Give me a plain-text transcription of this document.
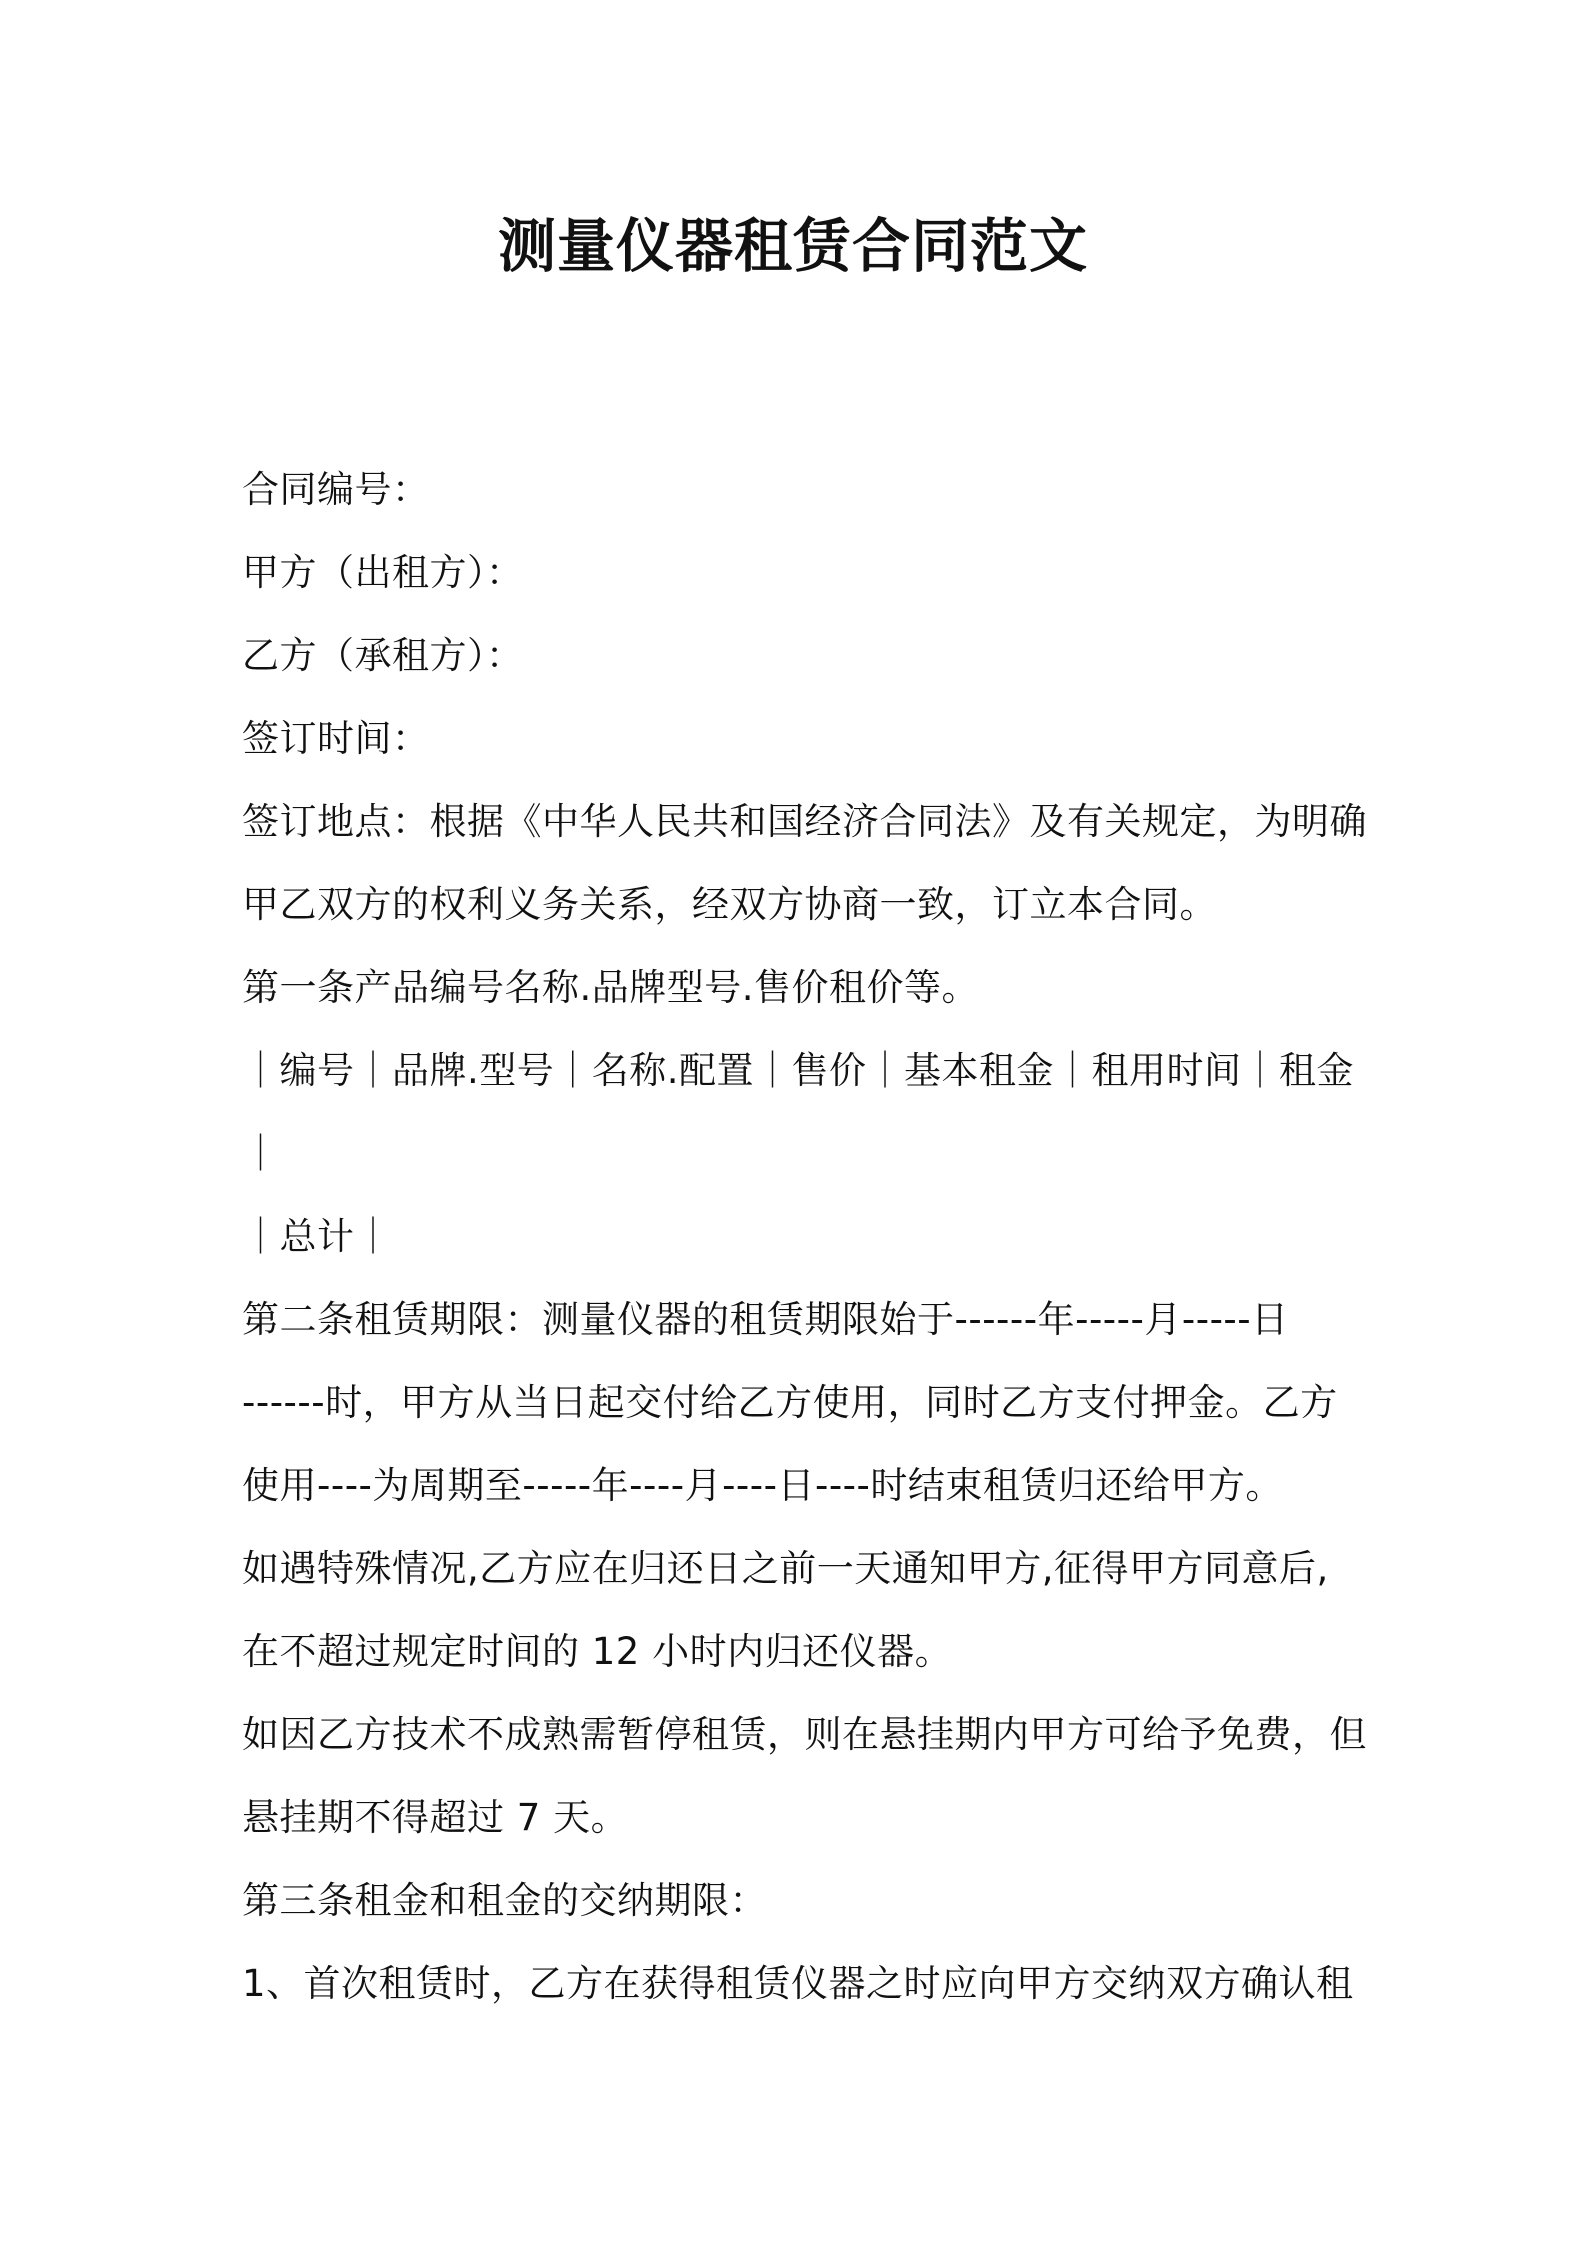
测量仪器租赁合同范文
合同编号：
甲方（出租方）：
乙方（承租方）：
签订时间：
签订地点：根据《中华人民共和国经济合同法》及有关规定，为明确
甲乙双方的权利义务关系，经双方协商一致，订立本合同。
第一条产品编号名称.品牌型号.售价租价等。
｜编号｜品牌.型号｜名称.配置｜售价｜基本租金｜租用时间｜租金
｜
｜总计｜
第二条租赁期限：测量仪器的租赁期限始于------年-----月-----日
------时，甲方从当日起交付给乙方使用，同时乙方支付押金。乙方
使用----为周期至-----年----月----日----时结束租赁归还给甲方。
如遇特殊情况,乙方应在归还日之前一天通知甲方,征得甲方同意后,
在不超过规定时间的 12 小时内归还仪器。
如因乙方技术不成熟需暂停租赁，则在悬挂期内甲方可给予免费，但
悬挂期不得超过 7 天。
第三条租金和租金的交纳期限：
1、首次租赁时，乙方在获得租赁仪器之时应向甲方交纳双方确认租
